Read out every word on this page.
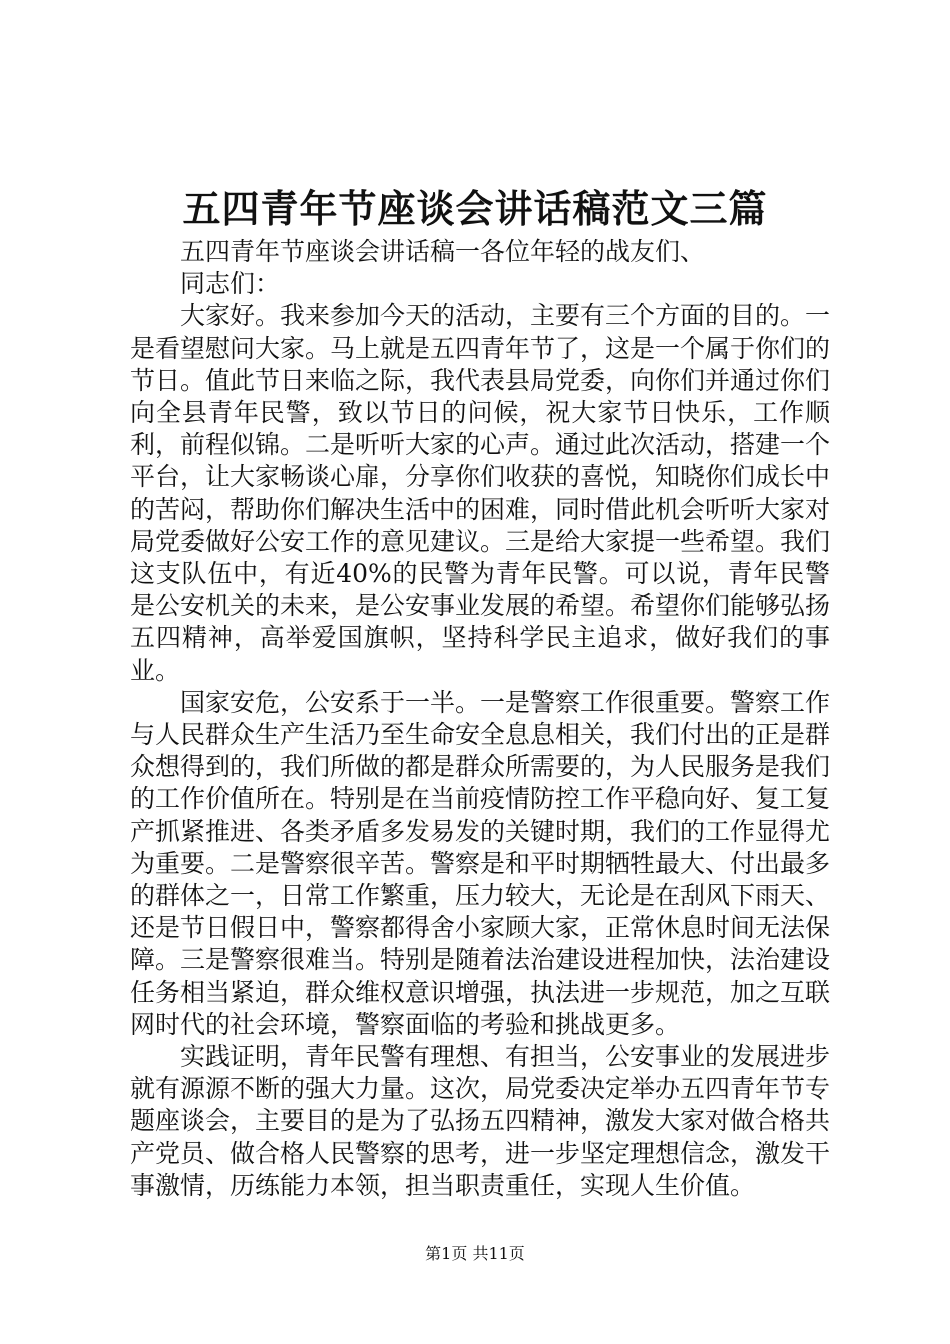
五四青年节座谈会讲话稿范文三篇

五四青年节座谈会讲话稿一各位年轻的战友们、

同志们：

大家好。我来参加今天的活动，主要有三个方面的目的。一是看望慰问大家。马上就是五四青年节了，这是一个属于你们的节日。值此节日来临之际，我代表县局党委，向你们并通过你们向全县青年民警，致以节日的问候，祝大家节日快乐，工作顺利，前程似锦。二是听听大家的心声。通过此次活动，搭建一个平台，让大家畅谈心扉，分享你们收获的喜悦，知晓你们成长中的苦闷，帮助你们解决生活中的困难，同时借此机会听听大家对局党委做好公安工作的意见建议。三是给大家提一些希望。我们这支队伍中，有近40%的民警为青年民警。可以说，青年民警是公安机关的未来，是公安事业发展的希望。希望你们能够弘扬五四精神，高举爱国旗帜，坚持科学民主追求，做好我们的事业。

国家安危，公安系于一半。一是警察工作很重要。警察工作与人民群众生产生活乃至生命安全息息相关，我们付出的正是群众想得到的，我们所做的都是群众所需要的，为人民服务是我们的工作价值所在。特别是在当前疫情防控工作平稳向好、复工复产抓紧推进、各类矛盾多发易发的关键时期，我们的工作显得尤为重要。二是警察很辛苦。警察是和平时期牺牲最大、付出最多的群体之一，日常工作繁重，压力较大，无论是在刮风下雨天、还是节日假日中，警察都得舍小家顾大家，正常休息时间无法保障。三是警察很难当。特别是随着法治建设进程加快，法治建设任务相当紧迫，群众维权意识增强，执法进一步规范，加之互联网时代的社会环境，警察面临的考验和挑战更多。

实践证明，青年民警有理想、有担当，公安事业的发展进步就有源源不断的强大力量。这次，局党委决定举办五四青年节专题座谈会，主要目的是为了弘扬五四精神，激发大家对做合格共产党员、做合格人民警察的思考，进一步坚定理想信念，激发干事激情，历练能力本领，担当职责重任，实现人生价值。

第1页 共11页
